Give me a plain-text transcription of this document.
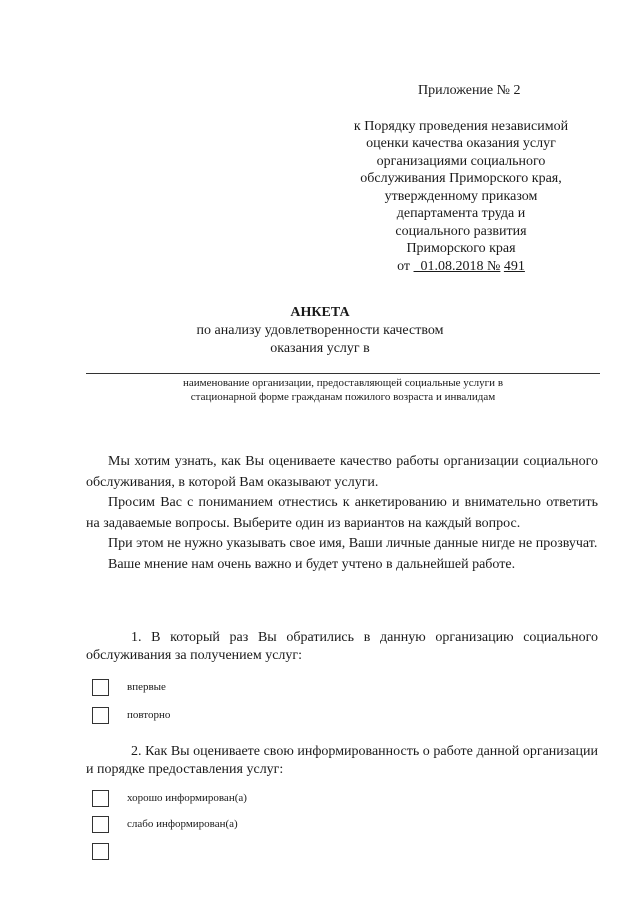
Приложение № 2
к Порядку проведения независимой
оценки качества оказания услуг
организациями социального
обслуживания Приморского края,
утвержденному приказом
департамента труда и
социального развития
Приморского края
от   01.08.2018 № 491
АНКЕТА
по анализу удовлетворенности качеством
оказания услуг в
наименование организации, предоставляющей социальные услуги в
стационарной форме гражданам пожилого возраста и инвалидам

Мы хотим узнать, как Вы оцениваете качество работы организации социального обслуживания, в которой Вам оказывают услуги.

Просим Вас с пониманием отнестись к анкетированию и внимательно ответить на задаваемые вопросы. Выберите один из вариантов на каждый вопрос.

При этом не нужно указывать свое имя, Ваши личные данные нигде не прозвучат.

Ваше мнение нам очень важно и будет учтено в дальнейшей работе.

1. В который раз Вы обратились в данную организацию социального обслуживания за получением услуг:
впервые
повторно
2. Как Вы оцениваете свою информированность о работе данной организации и порядке предоставления услуг:
хорошо информирован(а)
слабо информирован(а)
